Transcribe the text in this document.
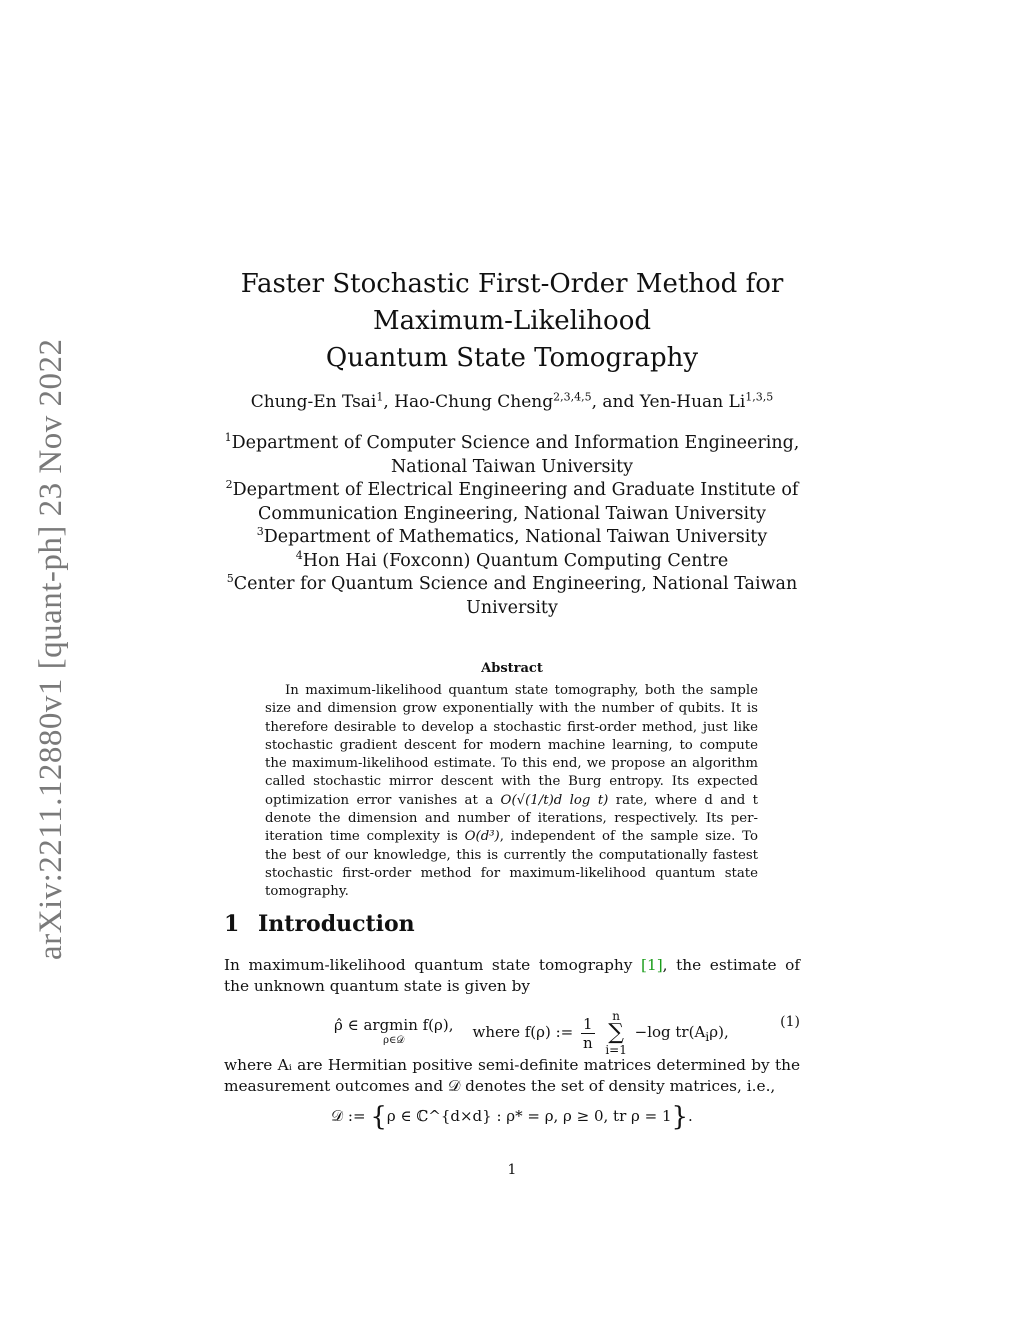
arXiv:2211.12880v1 [quant-ph] 23 Nov 2022
Faster Stochastic First-Order Method for
Maximum-Likelihood
Quantum State Tomography
Chung-En Tsai$^1$, Hao-Chung Cheng$^{2,3,4,5}$, and Yen-Huan Li$^{1,3,5}$
$^1$Department of Computer Science and Information Engineering,
National Taiwan University
$^2$Department of Electrical Engineering and Graduate Institute of
Communication Engineering, National Taiwan University
$^3$Department of Mathematics, National Taiwan University
$^4$Hon Hai (Foxconn) Quantum Computing Centre
$^5$Center for Quantum Science and Engineering, National Taiwan
University
Abstract
In maximum-likelihood quantum state tomography, both the sample size and dimension grow exponentially with the number of qubits. It is therefore desirable to develop a stochastic first-order method, just like stochastic gradient descent for modern machine learning, to compute the maximum-likelihood estimate. To this end, we propose an algorithm called stochastic mirror descent with the Burg entropy. Its expected optimization error vanishes at a O(√(1/t)d log t) rate, where d and t denote the dimension and number of iterations, respectively. Its per-iteration time complexity is O(d³), independent of the sample size. To the best of our knowledge, this is currently the computationally fastest stochastic first-order method for maximum-likelihood quantum state tomography.
1 Introduction
In maximum-likelihood quantum state tomography [1], the estimate of the unknown quantum state is given by
ρ̂ ∈ argmin f(ρ),
ρ∈𝒟	where f(ρ) := $\frac{1}{n}$ n
∑
i=1 −log $tr(A_i\rho)$,
(1)
where Aᵢ are Hermitian positive semi-definite matrices determined by the measurement outcomes and 𝒟 denotes the set of density matrices, i.e.,
𝒟 := {ρ ∈ ℂ^{d×d} : ρ* = ρ, ρ ≥ 0, tr ρ = 1}.
1
